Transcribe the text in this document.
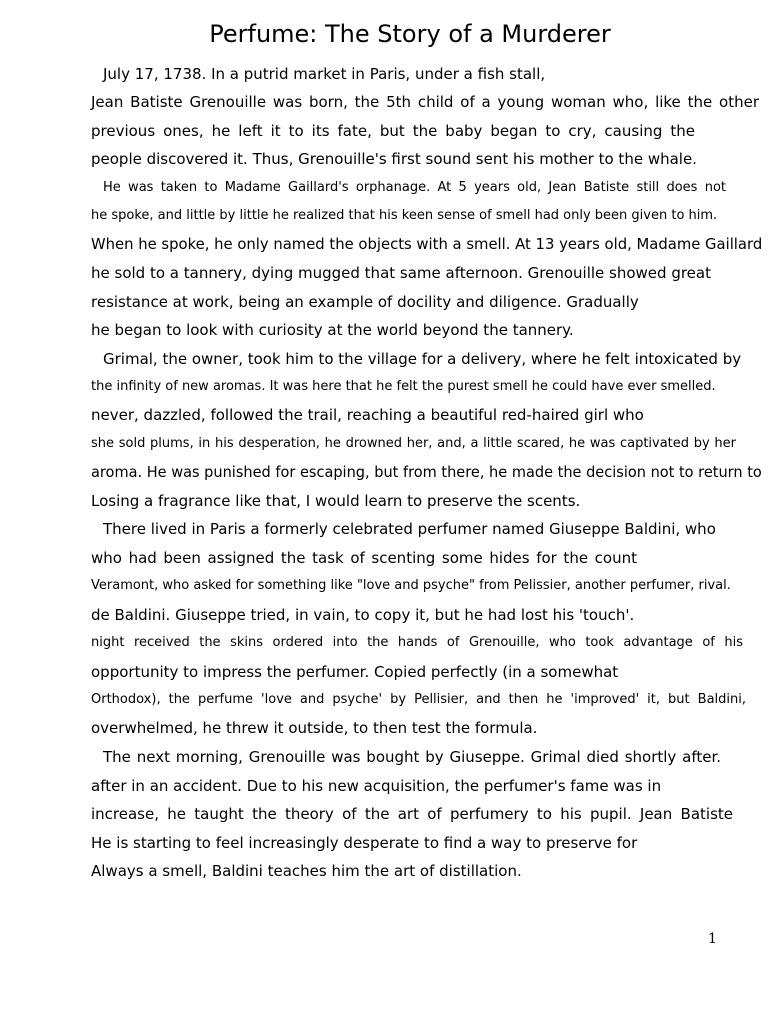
Perfume: The Story of a Murderer
July 17, 1738. In a putrid market in Paris, under a fish stall,
Jean Batiste Grenouille was born, the 5th child of a young woman who, like the other
previous ones, he left it to its fate, but the baby began to cry, causing the
people discovered it. Thus, Grenouille's first sound sent his mother to the whale.
He was taken to Madame Gaillard's orphanage. At 5 years old, Jean Batiste still does not
he spoke, and little by little he realized that his keen sense of smell had only been given to him.
When he spoke, he only named the objects with a smell. At 13 years old, Madame Gaillard
he sold to a tannery, dying mugged that same afternoon. Grenouille showed great
resistance at work, being an example of docility and diligence. Gradually
he began to look with curiosity at the world beyond the tannery.
Grimal, the owner, took him to the village for a delivery, where he felt intoxicated by
the infinity of new aromas. It was here that he felt the purest smell he could have ever smelled.
never, dazzled, followed the trail, reaching a beautiful red-haired girl who
she sold plums, in his desperation, he drowned her, and, a little scared, he was captivated by her
aroma. He was punished for escaping, but from there, he made the decision not to return to
Losing a fragrance like that, I would learn to preserve the scents.
There lived in Paris a formerly celebrated perfumer named Giuseppe Baldini, who
who had been assigned the task of scenting some hides for the count
Veramont, who asked for something like "love and psyche" from Pelissier, another perfumer, rival.
de Baldini. Giuseppe tried, in vain, to copy it, but he had lost his 'touch'.
night received the skins ordered into the hands of Grenouille, who took advantage of his
opportunity to impress the perfumer. Copied perfectly (in a somewhat
Orthodox), the perfume 'love and psyche' by Pellisier, and then he 'improved' it, but Baldini,
overwhelmed, he threw it outside, to then test the formula.
The next morning, Grenouille was bought by Giuseppe. Grimal died shortly after.
after in an accident. Due to his new acquisition, the perfumer's fame was in
increase, he taught the theory of the art of perfumery to his pupil. Jean Batiste
He is starting to feel increasingly desperate to find a way to preserve for
Always a smell, Baldini teaches him the art of distillation.
1
